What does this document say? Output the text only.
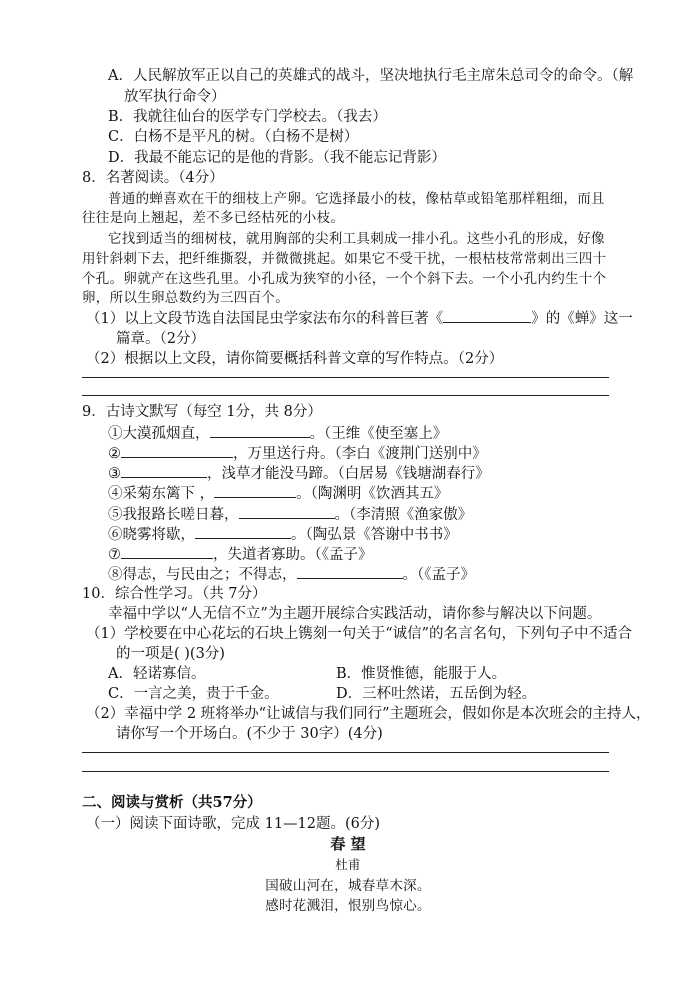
A．人民解放军正以自己的英雄式的战斗，坚决地执行毛主席朱总司令的命令。（解
放军执行命令）
B．我就往仙台的医学专门学校去。（我去）
C．白杨不是平凡的树。（白杨不是树）
D．我最不能忘记的是他的背影。（我不能忘记背影）
8．名著阅读。（4分）
普通的蝉喜欢在干的细枝上产卵。它选择最小的枝，像枯草或铅笔那样粗细，而且
往往是向上翘起，差不多已经枯死的小枝。
它找到适当的细树枝，就用胸部的尖利工具刺成一排小孔。这些小孔的形成，好像
用针斜刺下去，把纤维撕裂，并微微挑起。如果它不受干扰，一根枯枝常常刺出三四十
个孔。卵就产在这些孔里。小孔成为狭窄的小径，一个个斜下去。一个小孔内约生十个
卵，所以生卵总数约为三四百个。
（1）以上文段节选自法国昆虫学家法布尔的科普巨著《	》的《蝉》这一
篇章。（2分）
（2）根据以上文段，请你简要概括科普文章的写作特点。（2分）
9．古诗文默写（每空 1分，共 8分）
①大漠孤烟直，	。（王维《使至塞上》
②	，万里送行舟。（李白《渡荆门送别中》
③	，浅草才能没马蹄。（白居易《钱塘湖春行》
④采菊东篱下 ，	。（陶渊明《饮酒其五》
⑤我报路长嗟日暮，	。（李清照《渔家傲》
⑥晓雾将歇，	。（陶弘景《答谢中书书》
⑦	，失道者寡助。（《孟子》
⑧得志，与民由之；不得志，	。（《孟子》
10．综合性学习。（共 7分）
幸福中学以“人无信不立”为主题开展综合实践活动，请你参与解决以下问题。
（1）学校要在中心花坛的石块上镌刻一句关于“诚信”的名言名句，下列句子中不适合
的一项是( )(3分)
A．轻诺寡信。	B．惟贤惟德，能服于人。
C．一言之美，贵于千金。	D．三杯吐然诺，五岳倒为轻。
（2）幸福中学 2 班将举办“让诚信与我们同行”主题班会，假如你是本次班会的主持人，
请你写一个开场白。(不少于 30字）(4分)
二、阅读与赏析（共57分）
（一）阅读下面诗歌，完成 11—12题。(6分)
春 望
杜甫
国破山河在，城春草木深。
感时花溅泪，恨别鸟惊心。
